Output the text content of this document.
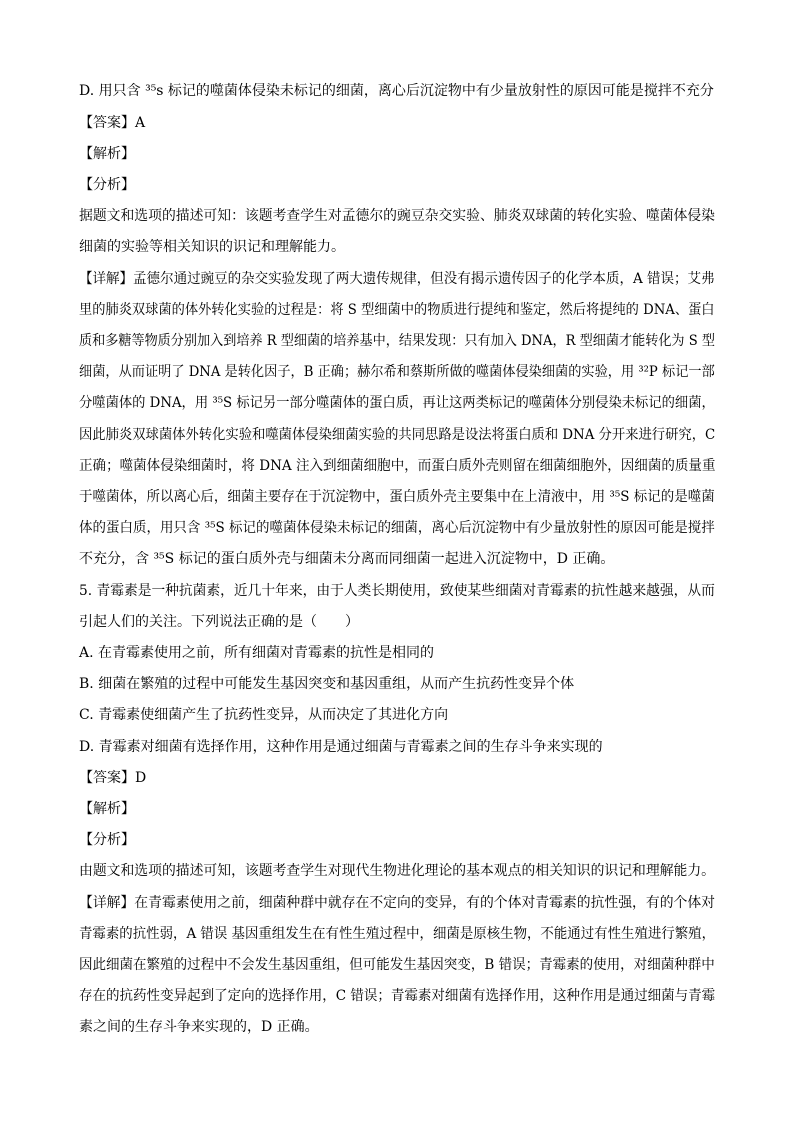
D. 用只含 ³⁵s 标记的噬菌体侵染未标记的细菌，离心后沉淀物中有少量放射性的原因可能是搅拌不充分
【答案】A
【解析】
【分析】
据题文和选项的描述可知：该题考查学生对孟德尔的豌豆杂交实验、肺炎双球菌的转化实验、噬菌体侵染
细菌的实验等相关知识的识记和理解能力。
【详解】孟德尔通过豌豆的杂交实验发现了两大遗传规律，但没有揭示遗传因子的化学本质，A 错误；艾弗
里的肺炎双球菌的体外转化实验的过程是：将 S 型细菌中的物质进行提纯和鉴定，然后将提纯的 DNA、蛋白
质和多糖等物质分别加入到培养 R 型细菌的培养基中，结果发现：只有加入 DNA，R 型细菌才能转化为 S 型
细菌，从而证明了 DNA 是转化因子，B 正确；赫尔希和蔡斯所做的噬菌体侵染细菌的实验，用 ³²P 标记一部
分噬菌体的 DNA，用 ³⁵S 标记另一部分噬菌体的蛋白质，再让这两类标记的噬菌体分别侵染未标记的细菌，
因此肺炎双球菌体外转化实验和噬菌体侵染细菌实验的共同思路是设法将蛋白质和 DNA 分开来进行研究，C
正确；噬菌体侵染细菌时，将 DNA 注入到细菌细胞中，而蛋白质外壳则留在细菌细胞外，因细菌的质量重
于噬菌体，所以离心后，细菌主要存在于沉淀物中，蛋白质外壳主要集中在上清液中，用 ³⁵S 标记的是噬菌
体的蛋白质，用只含 ³⁵S 标记的噬菌体侵染未标记的细菌，离心后沉淀物中有少量放射性的原因可能是搅拌
不充分，含 ³⁵S 标记的蛋白质外壳与细菌未分离而同细菌一起进入沉淀物中，D 正确。
5. 青霉素是一种抗菌素，近几十年来，由于人类长期使用，致使某些细菌对青霉素的抗性越来越强，从而
引起人们的关注。下列说法正确的是（　　）
A. 在青霉素使用之前，所有细菌对青霉素的抗性是相同的
B. 细菌在繁殖的过程中可能发生基因突变和基因重组，从而产生抗药性变异个体
C. 青霉素使细菌产生了抗药性变异，从而决定了其进化方向
D. 青霉素对细菌有选择作用，这种作用是通过细菌与青霉素之间的生存斗争来实现的
【答案】D
【解析】
【分析】
由题文和选项的描述可知，该题考查学生对现代生物进化理论的基本观点的相关知识的识记和理解能力。
【详解】在青霉素使用之前，细菌种群中就存在不定向的变异，有的个体对青霉素的抗性强，有的个体对
青霉素的抗性弱，A 错误 基因重组发生在有性生殖过程中，细菌是原核生物，不能通过有性生殖进行繁殖，
因此细菌在繁殖的过程中不会发生基因重组，但可能发生基因突变，B 错误；青霉素的使用，对细菌种群中
存在的抗药性变异起到了定向的选择作用，C 错误；青霉素对细菌有选择作用，这种作用是通过细菌与青霉
素之间的生存斗争来实现的，D 正确。
